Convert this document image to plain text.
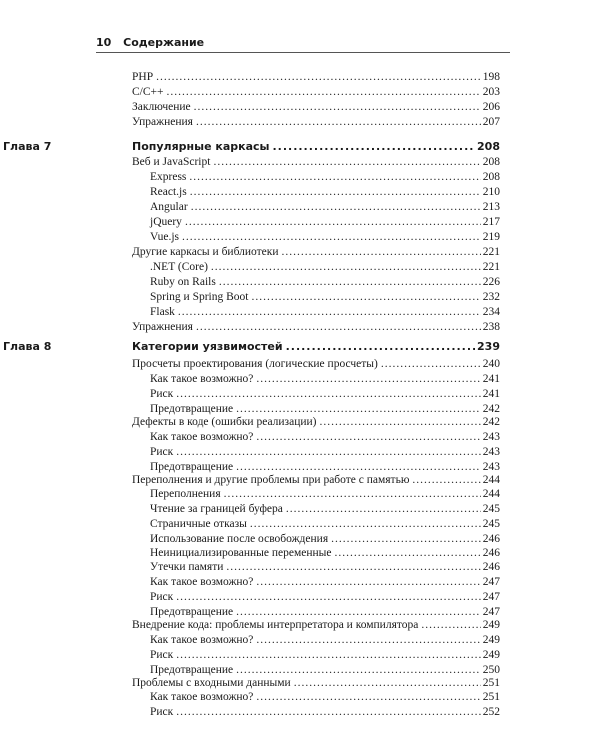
10 Содержание
PHP .....	198
C/C++ .....	203
Заключение .....	206
Упражнения .....	207
Глава 7	Популярные каркасы .....	208
Веб и JavaScript .....	208
Express .....	208
React.js .....	210
Angular .....	213
jQuery .....	217
Vue.js .....	219
Другие каркасы и библиотеки .....	221
.NET (Core) .....	221
Ruby on Rails .....	226
Spring и Spring Boot .....	232
Flask .....	234
Упражнения .....	238
Глава 8	Категории уязвимостей .....	239
Просчеты проектирования (логические просчеты) .....	240
Как такое возможно? .....	241
Риск .....	241
Предотвращение .....	242
Дефекты в коде (ошибки реализации) .....	242
Как такое возможно? .....	243
Риск .....	243
Предотвращение .....	243
Переполнения и другие проблемы при работе с памятью .....	244
Переполнения .....	244
Чтение за границей буфера .....	245
Страничные отказы .....	245
Использование после освобождения .....	246
Неинициализированные переменные .....	246
Утечки памяти .....	246
Как такое возможно? .....	247
Риск .....	247
Предотвращение .....	247
Внедрение кода: проблемы интерпретатора и компилятора .....	249
Как такое возможно? .....	249
Риск .....	249
Предотвращение .....	250
Проблемы с входными данными .....	251
Как такое возможно? .....	251
Риск .....	252
